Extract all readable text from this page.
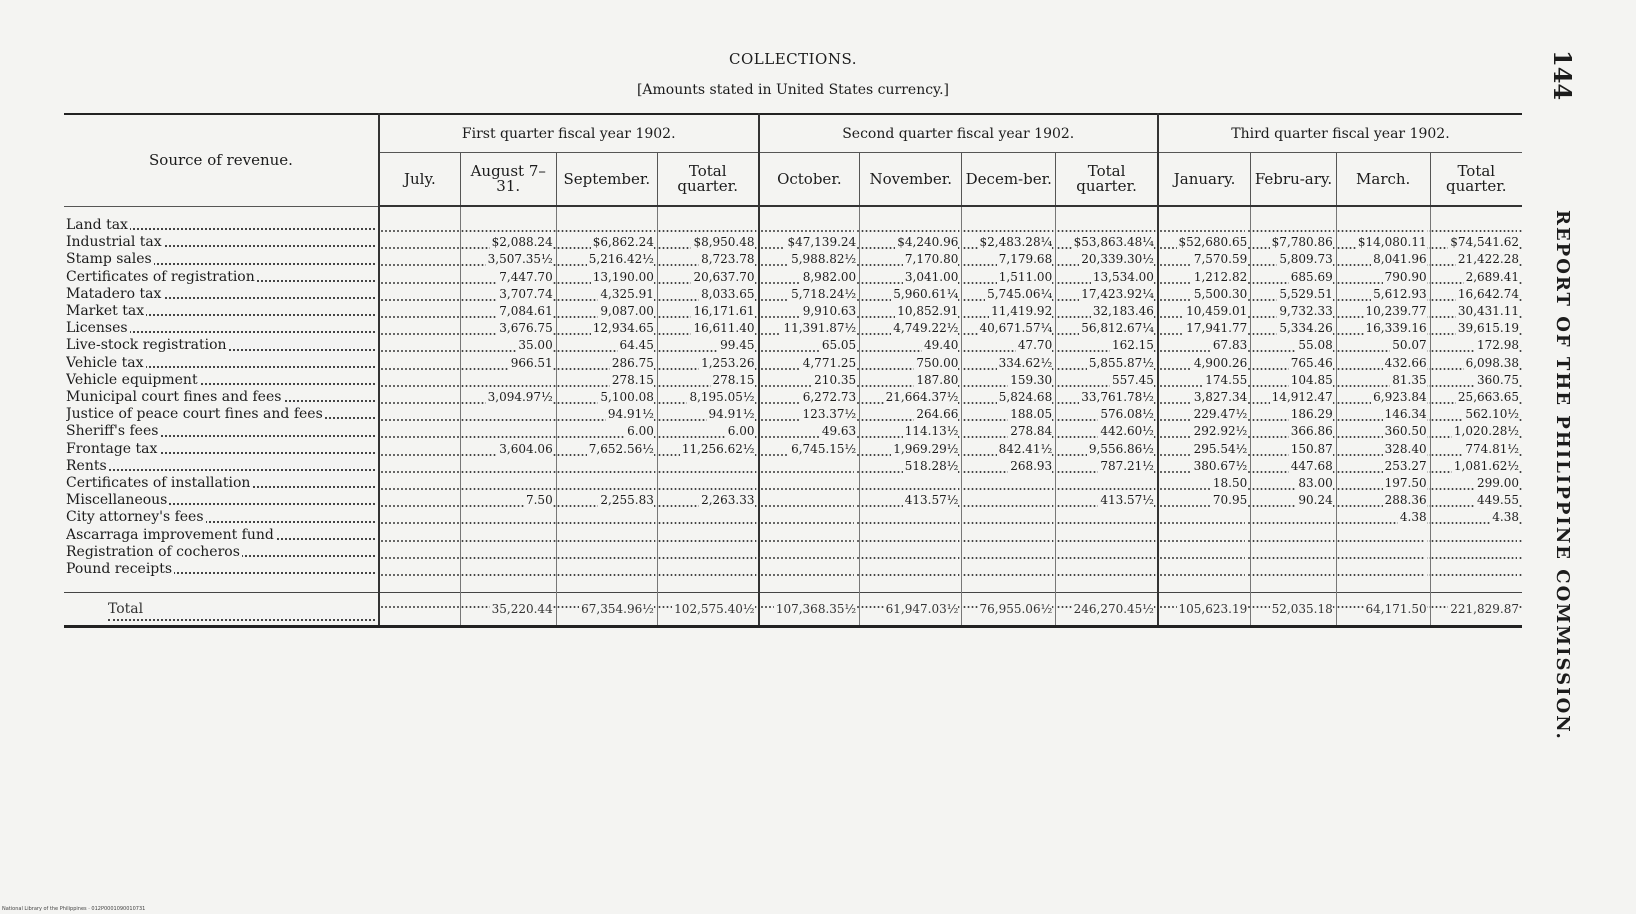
COLLECTIONS.
[Amounts stated in United States currency.]	144
REPORT OF THE PHILIPPINE COMMISSION.
Source of revenue.	First quarter fiscal year 1902.				Second quarter fiscal year 1902.				Third quarter fiscal year 1902.			
	July.	August 7–31.	September.	Total quarter.	October.	November.	Decem-ber.	Total quarter.	January.	Febru-ary.	March.	Total quarter.

Land tax												

Industrial tax		$2,088.24	$6,862.24	$8,950.48	$47,139.24	$4,240.96	$2,483.28¼	$53,863.48¼	$52,680.65	$7,780.86	$14,080.11	$74,541.62

Stamp sales		3,507.35½	5,216.42½	8,723.78	5,988.82½	7,170.80	7,179.68	20,339.30½	7,570.59	5,809.73	8,041.96	21,422.28

Certificates of registration		7,447.70	13,190.00	20,637.70	8,982.00	3,041.00	1,511.00	13,534.00	1,212.82	685.69	790.90	2,689.41

Matadero tax		3,707.74	4,325.91	8,033.65	5,718.24½	5,960.61¼	5,745.06¼	17,423.92¼	5,500.30	5,529.51	5,612.93	16,642.74

Market tax		7,084.61	9,087.00	16,171.61	9,910.63	10,852.91	11,419.92	32,183.46	10,459.01	9,732.33	10,239.77	30,431.11

Licenses		3,676.75	12,934.65	16,611.40	11,391.87½	4,749.22½	40,671.57¼	56,812.67¼	17,941.77	5,334.26	16,339.16	39,615.19

Live-stock registration		35.00	64.45	99.45	65.05	49.40	47.70	162.15	67.83	55.08	50.07	172.98

Vehicle tax		966.51	286.75	1,253.26	4,771.25	750.00	334.62½	5,855.87½	4,900.26	765.46	432.66	6,098.38

Vehicle equipment			278.15	278.15	210.35	187.80	159.30	557.45	174.55	104.85	81.35	360.75

Municipal court fines and fees		3,094.97½	5,100.08	8,195.05½	6,272.73	21,664.37½	5,824.68	33,761.78½	3,827.34	14,912.47	6,923.84	25,663.65

Justice of peace court fines and fees			94.91½	94.91½	123.37½	264.66	188.05	576.08½	229.47½	186.29	146.34	562.10½

Sheriff's fees			6.00	6.00	49.63	114.13½	278.84	442.60½	292.92½	366.86	360.50	1,020.28½

Frontage tax		3,604.06	7,652.56½	11,256.62½	6,745.15½	1,969.29½	842.41½	9,556.86½	295.54½	150.87	328.40	774.81½

Rents						518.28½	268.93	787.21½	380.67½	447.68	253.27	1,081.62½

Certificates of installation									18.50	83.00	197.50	299.00

Miscellaneous		7.50	2,255.83	2,263.33		413.57½		413.57½	70.95	90.24	288.36	449.55

City attorney's fees											4.38	4.38

Ascarraga improvement fund												

Registration of cocheros												

Pound receipts												

Total		35,220.44	67,354.96½	102,575.40½	107,368.35½	61,947.03½	76,955.06½	246,270.45½	105,623.19	52,035.18	64,171.50	221,829.87
National Library of the Philippines · 012P0001090010731
